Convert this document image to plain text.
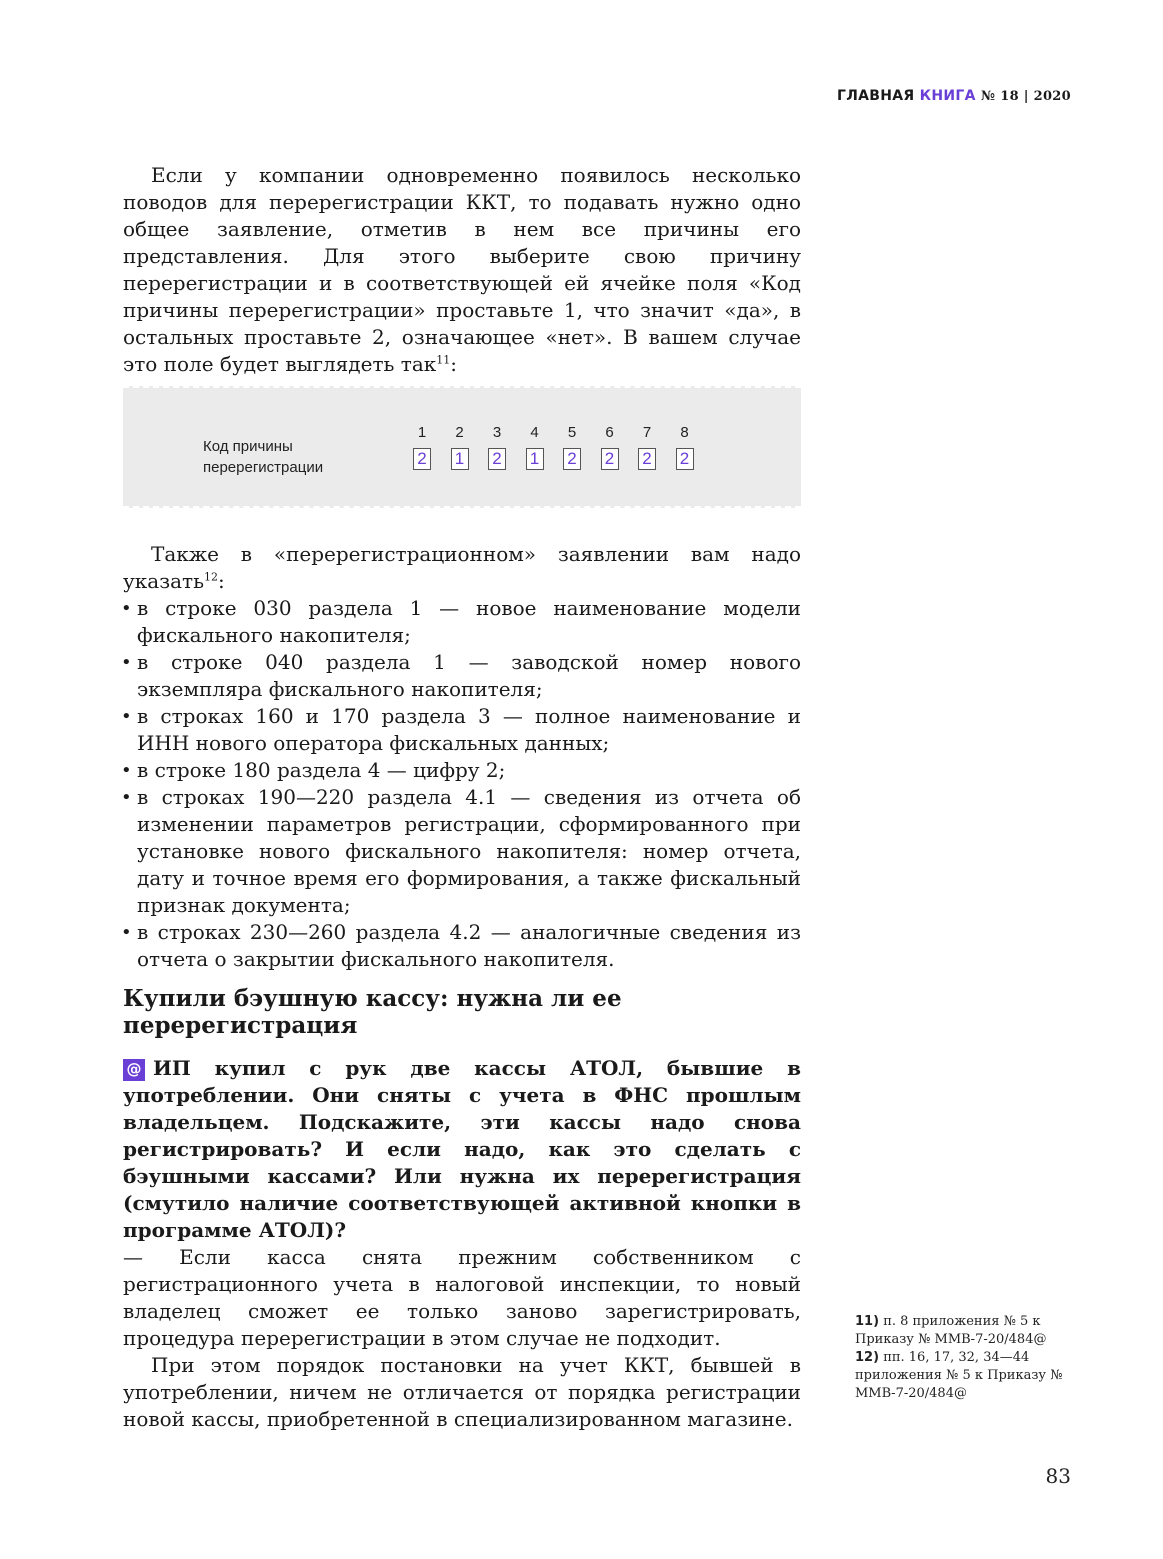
ГЛАВНАЯ КНИГА № 18 | 2020

Если у компании одновременно появилось несколько поводов для перерегистрации ККТ, то подавать нужно одно общее заявление, отметив в нем все причины его представления. Для этого выберите свою причину перерегистрации и в соответствующей ей ячейке поля «Код причины перерегистрации» проставьте 1, что значит «да», в остальных проставьте 2, означающее «нет». В вашем случае это поле будет выглядеть так$^{11}$:

Код причины
перерегистрации
1
2
2
1
3
2
4
1
5
2
6
2
7
2
8
2

Также в «перерегистрационном» заявлении вам надо указать$^{12}$:

• в строке 030 раздела 1 — новое наименование модели фискального накопителя;
• в строке 040 раздела 1 — заводской номер нового экземпляра фискального накопителя;
• в строках 160 и 170 раздела 3 — полное наименование и ИНН нового оператора фискальных данных;
• в строке 180 раздела 4 — цифру 2;
• в строках 190—220 раздела 4.1 — сведения из отчета об изменении параметров регистрации, сформированного при установке нового фискального накопителя: номер отчета, дату и точное время его формирования, а также фискальный признак документа;
• в строках 230—260 раздела 4.2 — аналогичные сведения из отчета о закрытии фискального накопителя.
Купили бэушную кассу: нужна ли ее перерегистрация

@ ИП купил с рук две кассы АТОЛ, бывшие в употреблении. Они сняты с учета в ФНС прошлым владельцем. Подскажите, эти кассы надо снова регистрировать? И если надо, как это сделать с бэушными кассами? Или нужна их перерегистрация (смутило наличие соответствующей активной кнопки в программе АТОЛ)?

— Если касса снята прежним собственником с регистрационного учета в налоговой инспекции, то новый владелец сможет ее только заново зарегистрировать, процедура перерегистрации в этом случае не подходит.

При этом порядок постановки на учет ККТ, бывшей в употреблении, ничем не отличается от порядка регистрации новой кассы, приобретенной в специализированном магазине.

11) п. 8 приложения № 5 к Приказу № ММВ-7-20/484@

12) пп. 16, 17, 32, 34—44 приложения № 5 к Приказу № ММВ-7-20/484@

83
